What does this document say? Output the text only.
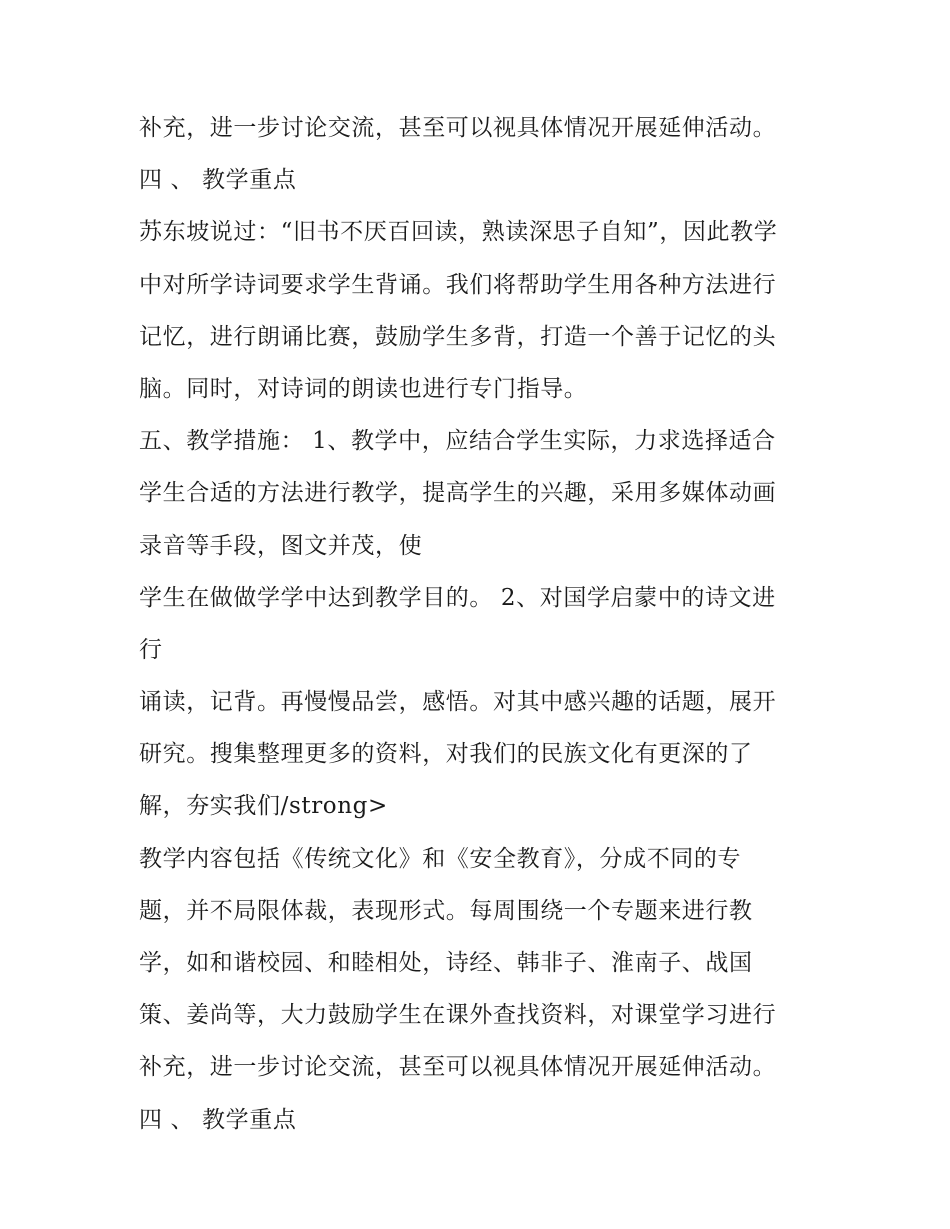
补充，进一步讨论交流，甚至可以视具体情况开展延伸活动。
四 、 教学重点
苏东坡说过：“旧书不厌百回读，熟读深思子自知”，因此教学
中对所学诗词要求学生背诵。我们将帮助学生用各种方法进行
记忆，进行朗诵比赛，鼓励学生多背，打造一个善于记忆的头
脑。同时，对诗词的朗读也进行专门指导。
五、教学措施： 1、教学中，应结合学生实际，力求选择适合
学生合适的方法进行教学，提高学生的兴趣，采用多媒体动画
录音等手段，图文并茂，使
学生在做做学学中达到教学目的。 2、对国学启蒙中的诗文进
行
诵读，记背。再慢慢品尝，感悟。对其中感兴趣的话题，展开
研究。搜集整理更多的资料，对我们的民族文化有更深的了
解，夯实我们/strong>
教学内容包括《传统文化》和《安全教育》，分成不同的专
题，并不局限体裁，表现形式。每周围绕一个专题来进行教
学，如和谐校园、和睦相处，诗经、韩非子、淮南子、战国
策、姜尚等，大力鼓励学生在课外查找资料，对课堂学习进行
补充，进一步讨论交流，甚至可以视具体情况开展延伸活动。
四 、 教学重点
